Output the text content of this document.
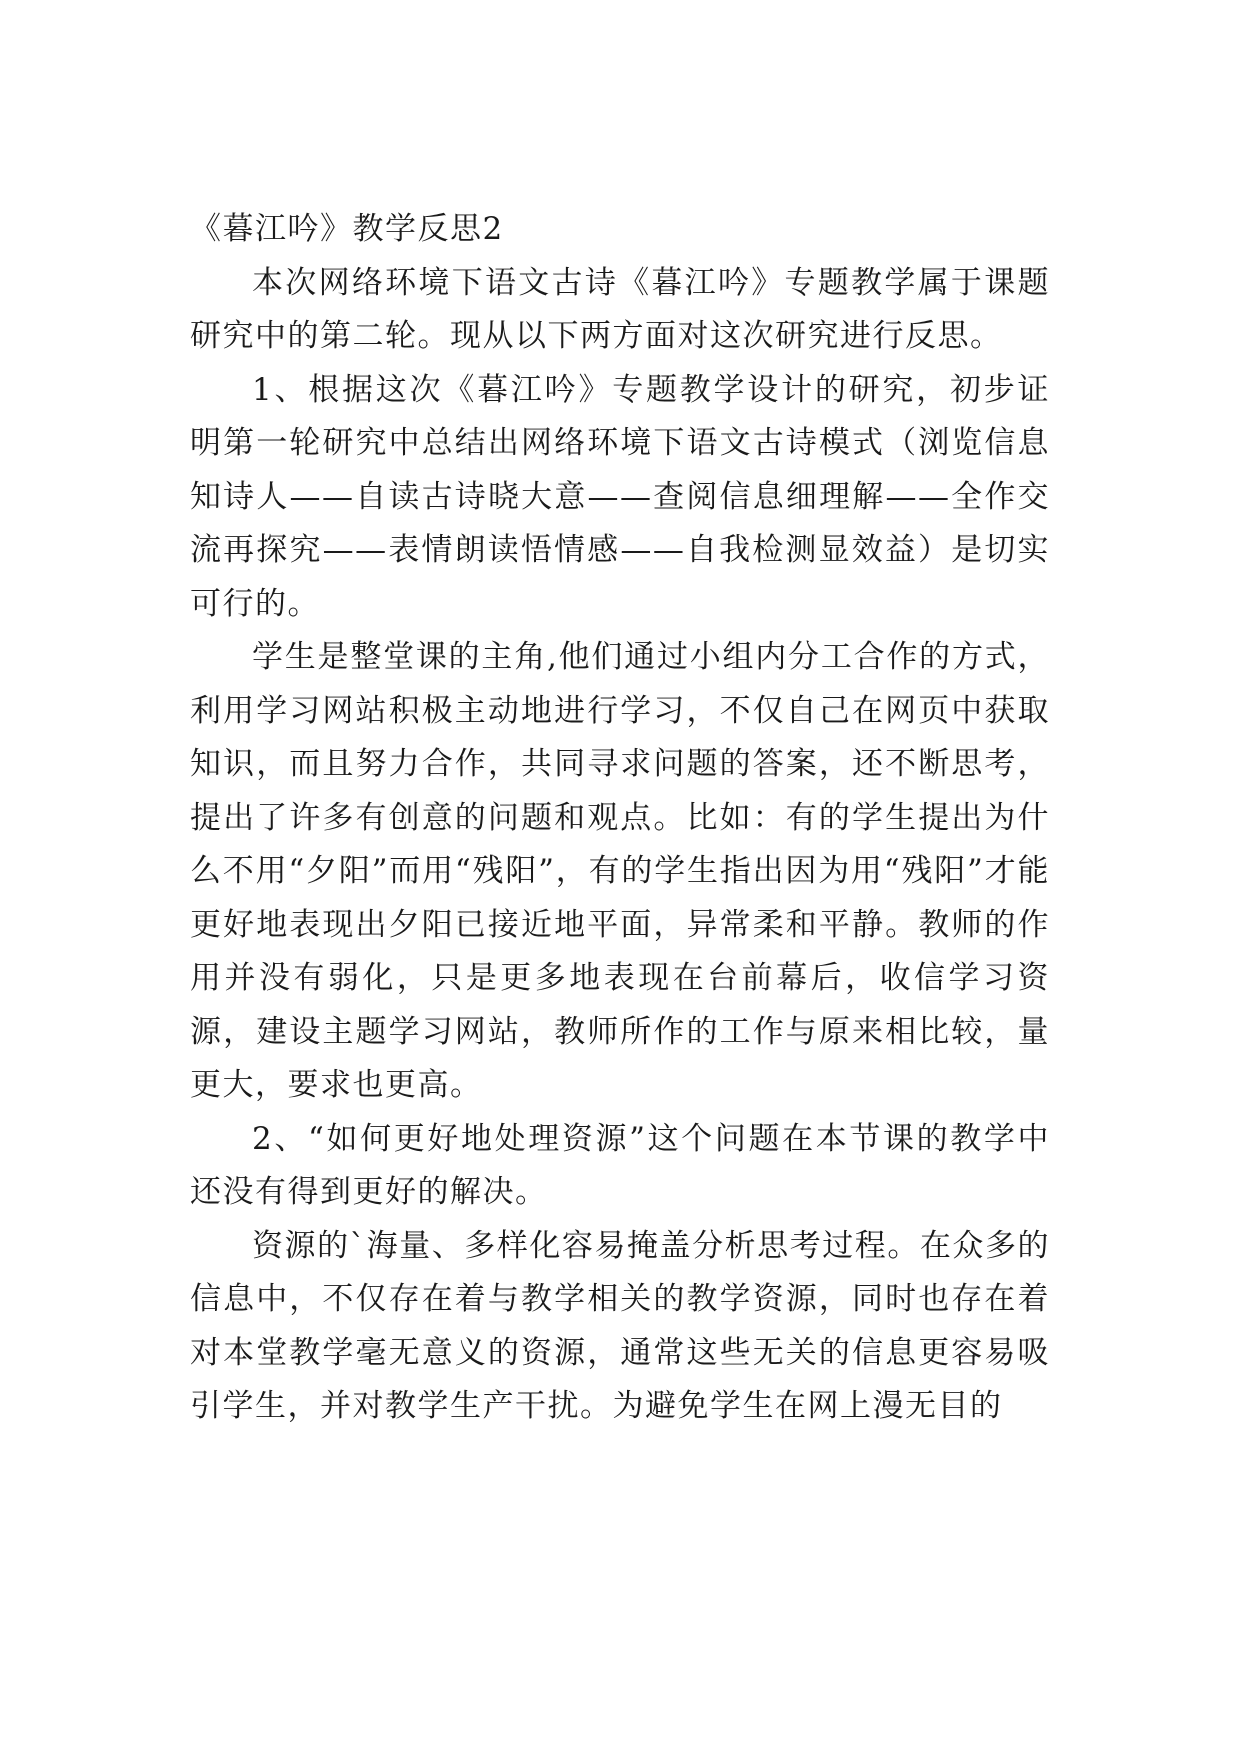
《暮江吟》教学反思2

本次网络环境下语文古诗《暮江吟》专题教学属于课题研究中的第二轮。现从以下两方面对这次研究进行反思。

1、根据这次《暮江吟》专题教学设计的研究，初步证明第一轮研究中总结出网络环境下语文古诗模式（浏览信息知诗人——自读古诗晓大意——查阅信息细理解——全作交流再探究——表情朗读悟情感——自我检测显效益）是切实可行的。

学生是整堂课的主角,他们通过小组内分工合作的方式，利用学习网站积极主动地进行学习，不仅自己在网页中获取知识，而且努力合作，共同寻求问题的答案，还不断思考，提出了许多有创意的问题和观点。比如：有的学生提出为什么不用“夕阳”而用“残阳”，有的学生指出因为用“残阳”才能更好地表现出夕阳已接近地平面，异常柔和平静。教师的作用并没有弱化，只是更多地表现在台前幕后，收信学习资源，建设主题学习网站，教师所作的工作与原来相比较，量更大，要求也更高。

2、“如何更好地处理资源”这个问题在本节课的教学中还没有得到更好的解决。

资源的`海量、多样化容易掩盖分析思考过程。在众多的信息中，不仅存在着与教学相关的教学资源，同时也存在着对本堂教学毫无意义的资源，通常这些无关的信息更容易吸引学生，并对教学生产干扰。为避免学生在网上漫无目的
